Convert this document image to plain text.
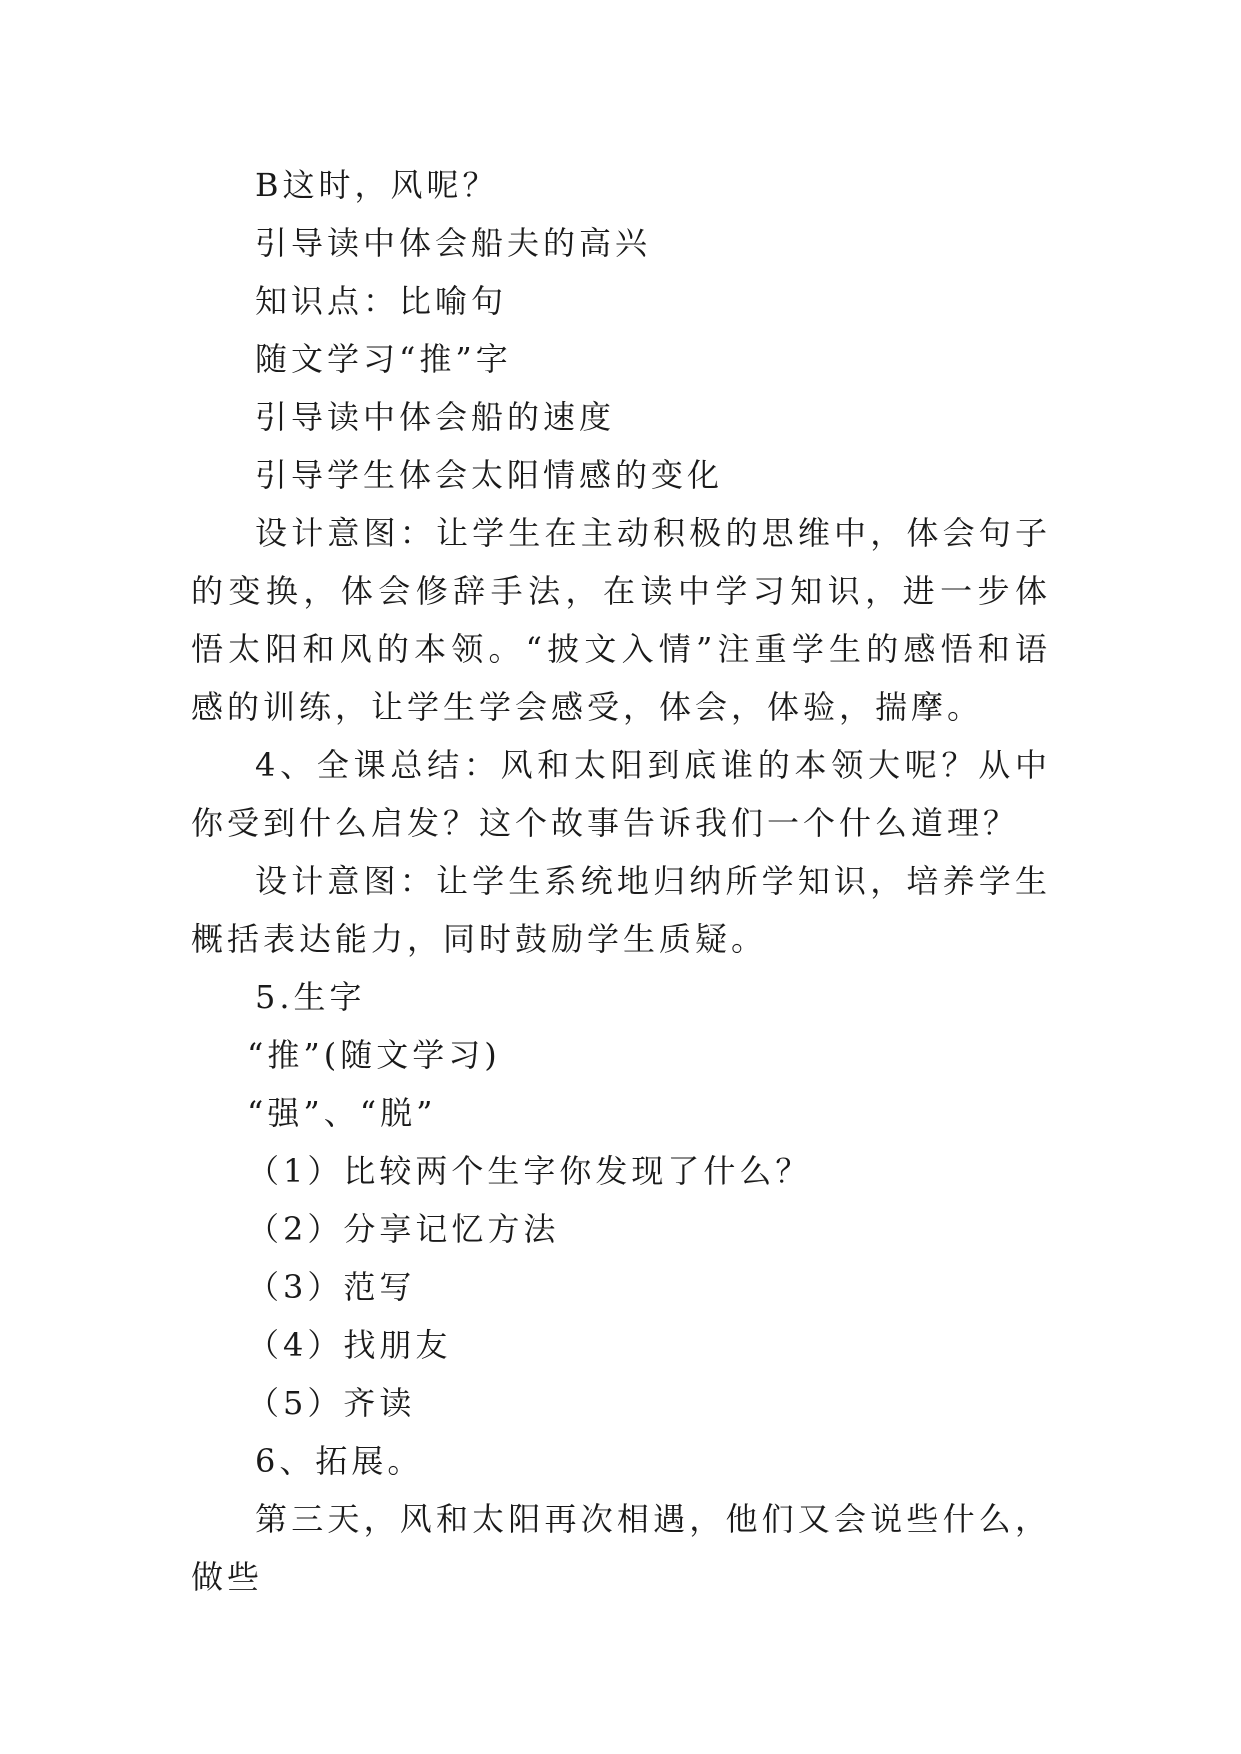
B这时，风呢？

引导读中体会船夫的高兴

知识点：比喻句

随文学习“推”字

引导读中体会船的速度

引导学生体会太阳情感的变化

设计意图：让学生在主动积极的思维中，体会句子的变换，体会修辞手法，在读中学习知识，进一步体悟太阳和风的本领。“披文入情”注重学生的感悟和语感的训练，让学生学会感受，体会，体验，揣摩。

4、全课总结：风和太阳到底谁的本领大呢？从中你受到什么启发？这个故事告诉我们一个什么道理？

设计意图：让学生系统地归纳所学知识，培养学生概括表达能力，同时鼓励学生质疑。

5.生字

“推”(随文学习)

“强”、“脱”

（1）比较两个生字你发现了什么？

（2）分享记忆方法

（3）范写

（4）找朋友

（5）齐读

6、拓展。

第三天，风和太阳再次相遇，他们又会说些什么，做些
